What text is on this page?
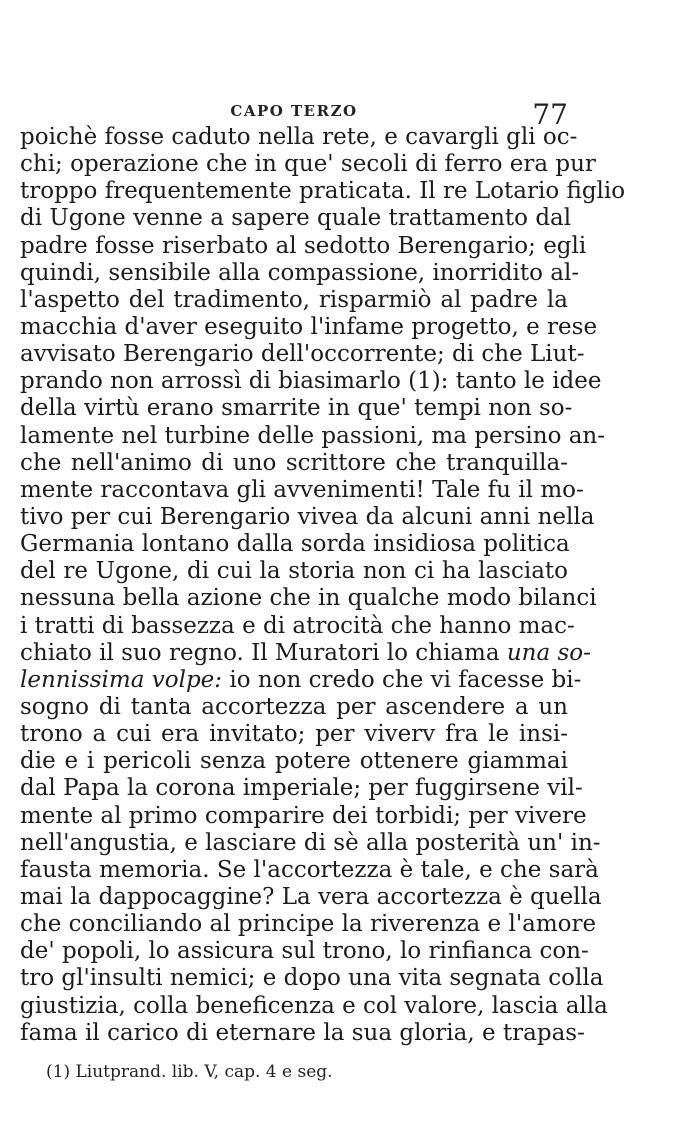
CAPO TERZO	77
poichè fosse caduto nella rete, e cavargli gli oc-
chi; operazione che in que' secoli di ferro era pur
troppo frequentemente praticata. Il re Lotario figlio
di Ugone venne a sapere quale trattamento dal
padre fosse riserbato al sedotto Berengario; egli
quindi, sensibile alla compassione, inorridito al-
l'aspetto del tradimento, risparmiò al padre la
macchia d'aver eseguito l'infame progetto, e rese
avvisato Berengario dell'occorrente; di che Liut-
prando non arrossì di biasimarlo (1): tanto le idee
della virtù erano smarrite in que' tempi non so-
lamente nel turbine delle passioni, ma persino an-
che nell'animo di uno scrittore che tranquilla-
mente raccontava gli avvenimenti! Tale fu il mo-
tivo per cui Berengario vivea da alcuni anni nella
Germania lontano dalla sorda insidiosa politica
del re Ugone, di cui la storia non ci ha lasciato
nessuna bella azione che in qualche modo bilanci
i tratti di bassezza e di atrocità che hanno mac-
chiato il suo regno. Il Muratori lo chiama una so-
lennissima volpe: io non credo che vi facesse bi-
sogno di tanta accortezza per ascendere a un
trono a cui era invitato; per viverv fra le insi-
die e i pericoli senza potere ottenere giammai
dal Papa la corona imperiale; per fuggirsene vil-
mente al primo comparire dei torbidi; per vivere
nell'angustia, e lasciare di sè alla posterità un' in-
fausta memoria. Se l'accortezza è tale, e che sarà
mai la dappocaggine? La vera accortezza è quella
che conciliando al principe la riverenza e l'amore
de' popoli, lo assicura sul trono, lo rinfianca con-
tro gl'insulti nemici; e dopo una vita segnata colla
giustizia, colla beneficenza e col valore, lascia alla
fama il carico di eternare la sua gloria, e trapas-
(1) Liutprand. lib. V, cap. 4 e seg.
